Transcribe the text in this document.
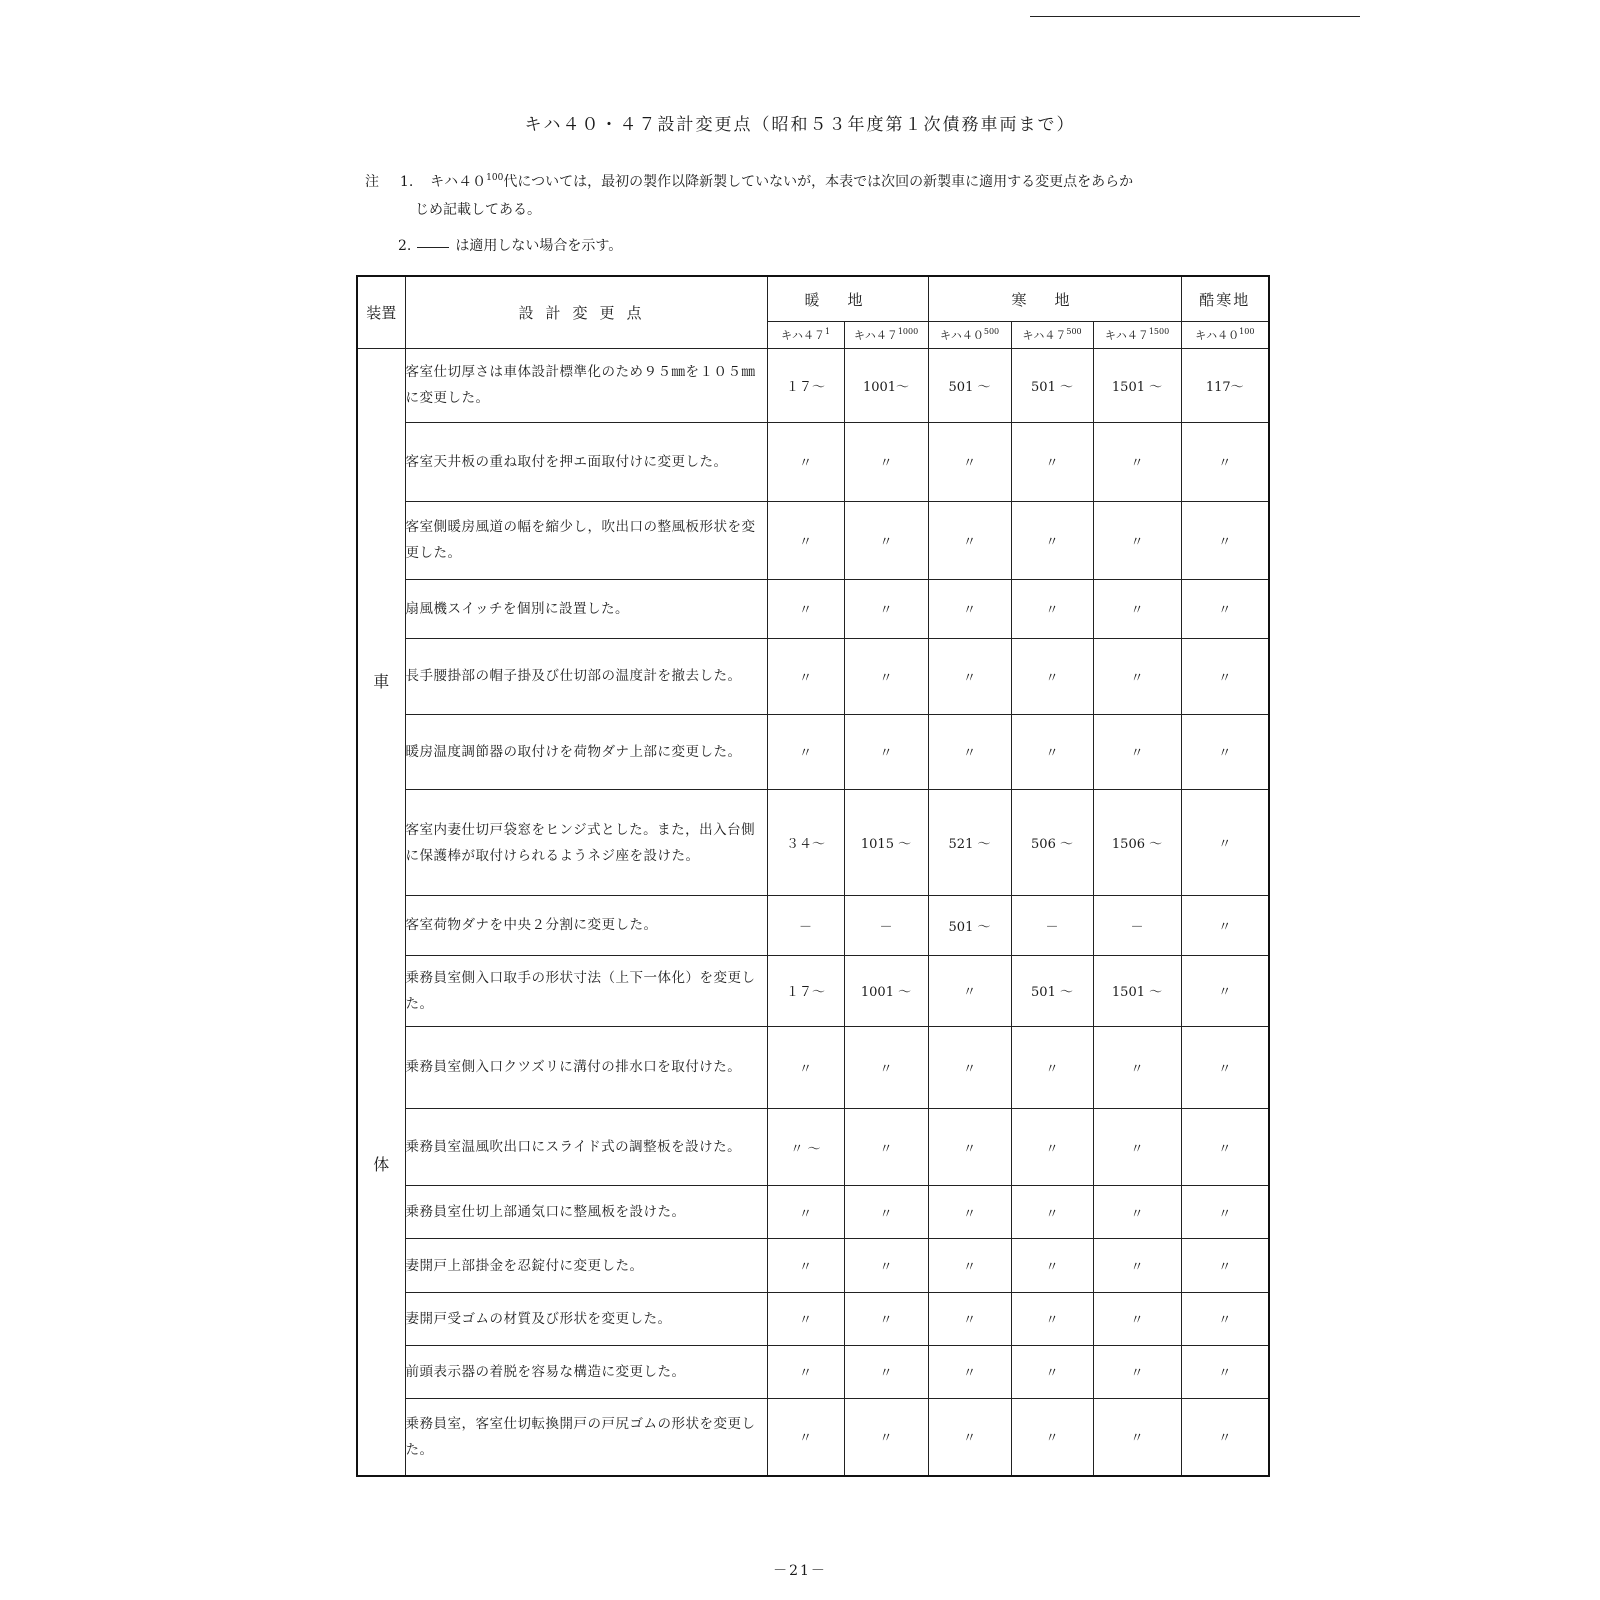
キハ４０・４７設計変更点（昭和５３年度第１次債務車両まで）
注 1. キハ$40^{100}$代については，最初の製作以降新製していないが，本表では次回の新製車に適用する変更点をあらか
じめ記載してある。
2.	は適用しない場合を示す。
装置	設計変更点	暖地		寒地			酷寒地
		キハ$47^1$	キハ$47^{1000}$	キハ$40^{500}$	キハ$47^{500}$	キハ$47^{1500}$	キハ$40^{100}$

車
体	客室仕切厚さは車体設計標準化のため９５㎜を１０５㎜に変更した。	１７～	1001～	501 ～	501 ～	1501 ～	117～
	客室天井板の重ね取付を押エ面取付けに変更した。	〃	〃	〃	〃	〃	〃
	客室側暖房風道の幅を縮少し，吹出口の整風板形状を変更した。	〃	〃	〃	〃	〃	〃
	扇風機スイッチを個別に設置した。	〃	〃	〃	〃	〃	〃
	長手腰掛部の帽子掛及び仕切部の温度計を撤去した。	〃	〃	〃	〃	〃	〃
	暖房温度調節器の取付けを荷物ダナ上部に変更した。	〃	〃	〃	〃	〃	〃
	客室内妻仕切戸袋窓をヒンジ式とした。また，出入台側に保護棒が取付けられるようネジ座を設けた。	３４～	1015 ～	521 ～	506 ～	1506 ～	〃
	客室荷物ダナを中央２分割に変更した。	－	－	501 ～	－	－	〃
	乗務員室側入口取手の形状寸法（上下一体化）を変更した。	１７～	1001 ～	〃	501 ～	1501 ～	〃
	乗務員室側入口クツズリに溝付の排水口を取付けた。	〃	〃	〃	〃	〃	〃
	乗務員室温風吹出口にスライド式の調整板を設けた。	〃 ～	〃	〃	〃	〃	〃
	乗務員室仕切上部通気口に整風板を設けた。	〃	〃	〃	〃	〃	〃
	妻開戸上部掛金を忍錠付に変更した。	〃	〃	〃	〃	〃	〃
	妻開戸受ゴムの材質及び形状を変更した。	〃	〃	〃	〃	〃	〃
	前頭表示器の着脱を容易な構造に変更した。	〃	〃	〃	〃	〃	〃
	乗務員室，客室仕切転換開戸の戸尻ゴムの形状を変更した。	〃	〃	〃	〃	〃	〃
－21－
